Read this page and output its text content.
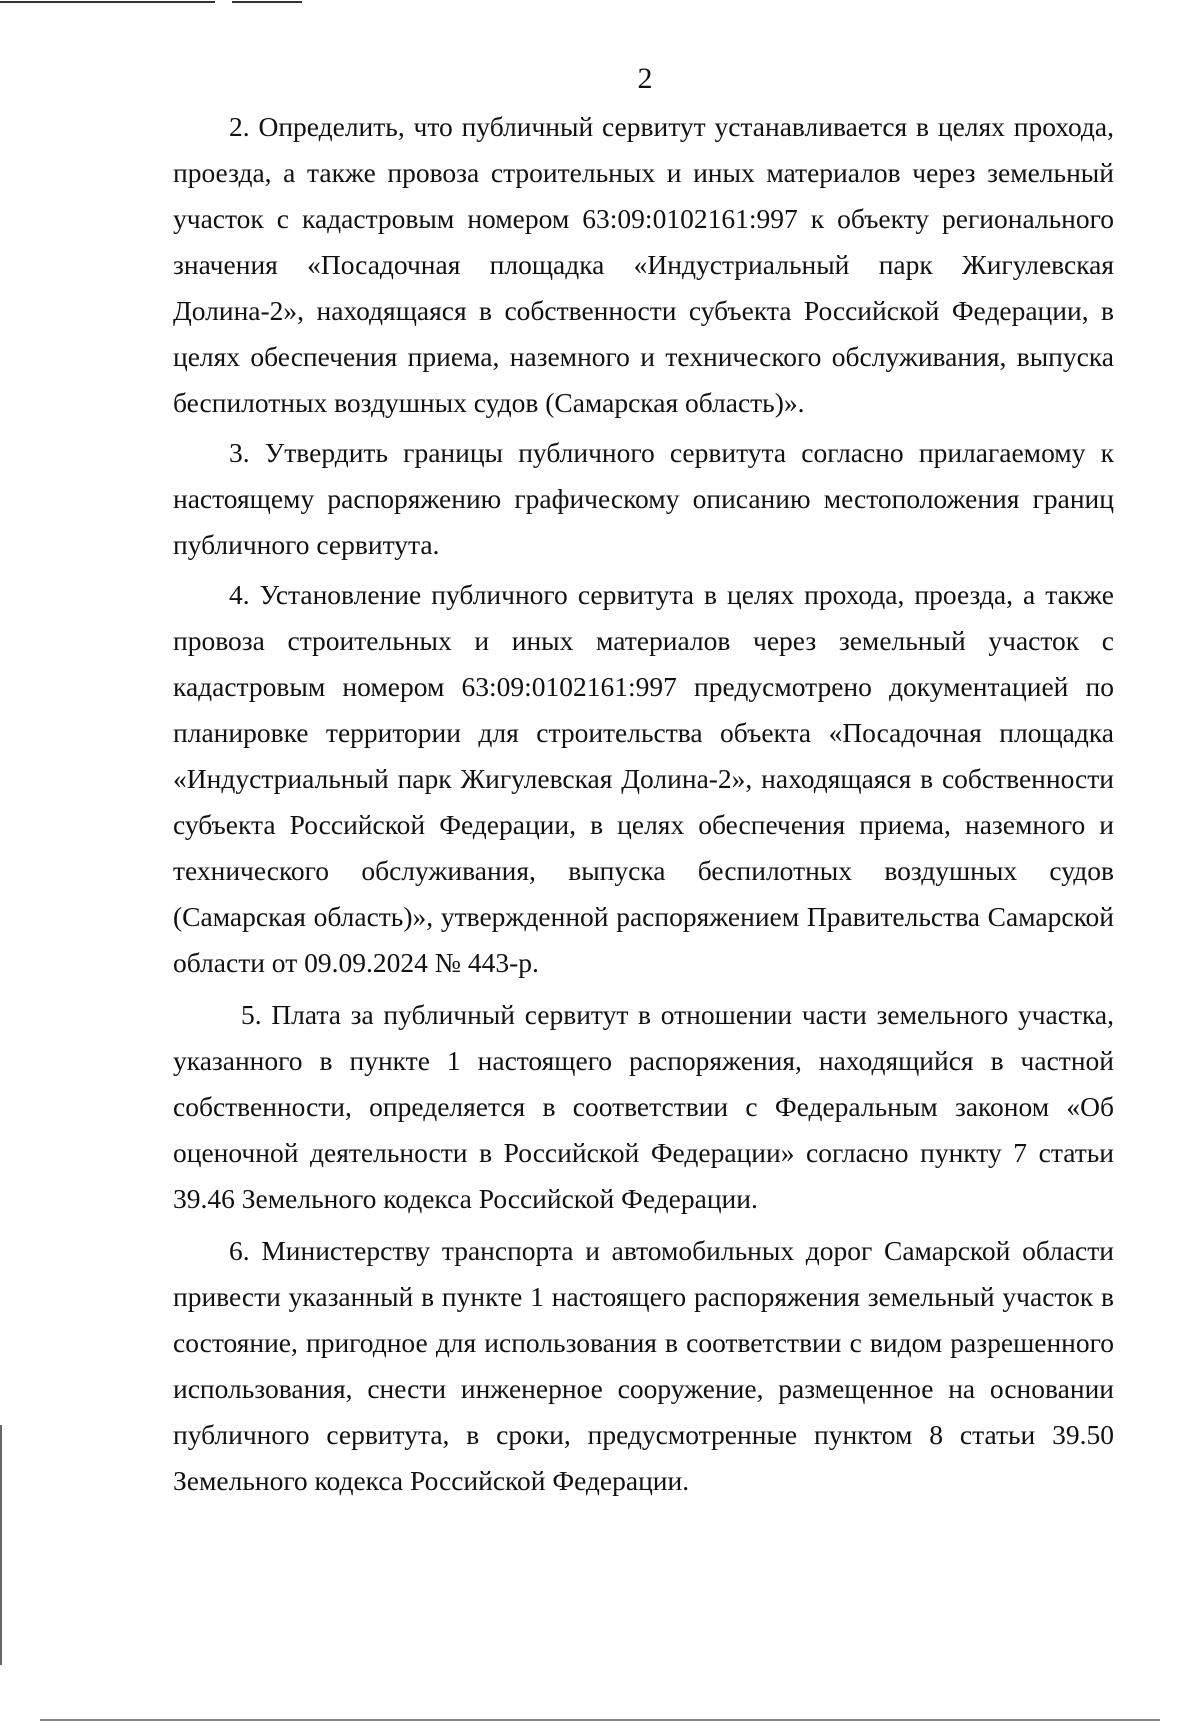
2

2. Определить, что публичный сервитут устанавливается в целях прохода, проезда, а также провоза строительных и иных материалов через земельный участок с кадастровым номером 63:09:0102161:997 к объекту регионального значения «Посадочная площадка «Индустриальный парк Жигулевская Долина-2», находящаяся в собственности субъекта Российской Федерации, в целях обеспечения приема, наземного и технического обслуживания, выпуска беспилотных воздушных судов (Самарская область)».

3. Утвердить границы публичного сервитута согласно прилагаемому к настоящему распоряжению графическому описанию местоположения границ публичного сервитута.

4. Установление публичного сервитута в целях прохода, проезда, а также провоза строительных и иных материалов через земельный участок с кадастровым номером 63:09:0102161:997 предусмотрено документацией по планировке территории для строительства объекта «Посадочная площадка «Индустриальный парк Жигулевская Долина-2», находящаяся в собственности субъекта Российской Федерации, в целях обеспечения приема, наземного и технического обслуживания, выпуска беспилотных воздушных судов (Самарская область)», утвержденной распоряжением Правительства Самарской области от 09.09.2024 № 443-р.

5. Плата за публичный сервитут в отношении части земельного участка, указанного в пункте 1 настоящего распоряжения, находящийся в частной собственности, определяется в соответствии с Федеральным законом «Об оценочной деятельности в Российской Федерации» согласно пункту 7 статьи 39.46 Земельного кодекса Российской Федерации.

6. Министерству транспорта и автомобильных дорог Самарской области привести указанный в пункте 1 настоящего распоряжения земельный участок в состояние, пригодное для использования в соответствии с видом разрешенного использования, снести инженерное сооружение, размещенное на основании публичного сервитута, в сроки, предусмотренные пунктом 8 статьи 39.50 Земельного кодекса Российской Федерации.
